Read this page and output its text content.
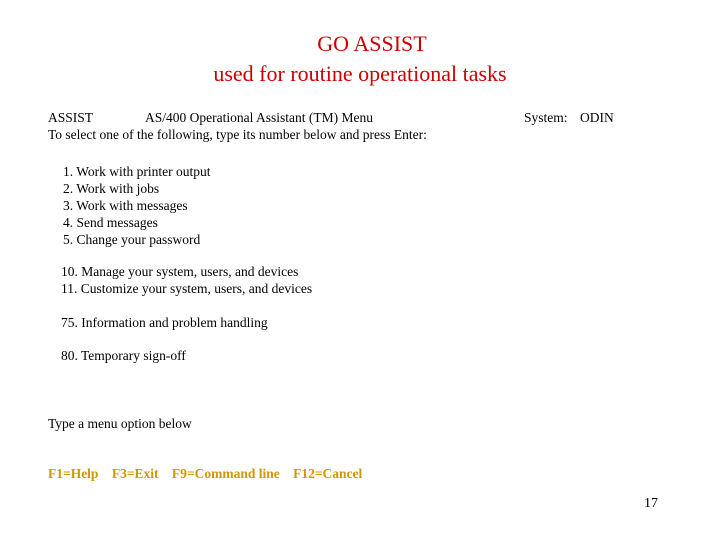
GO ASSIST
used for routine operational tasks
ASSIST	AS/400 Operational Assistant (TM) Menu	System: ODIN
To select one of the following, type its number below and press Enter:
1. Work with printer output
2. Work with jobs
3. Work with messages
4. Send messages
5. Change your password
10. Manage your system, users, and devices
11. Customize your system, users, and devices
75. Information and problem handling
80. Temporary sign-off
Type a menu option below
F1=Help F3=Exit F9=Command line F12=Cancel
17
